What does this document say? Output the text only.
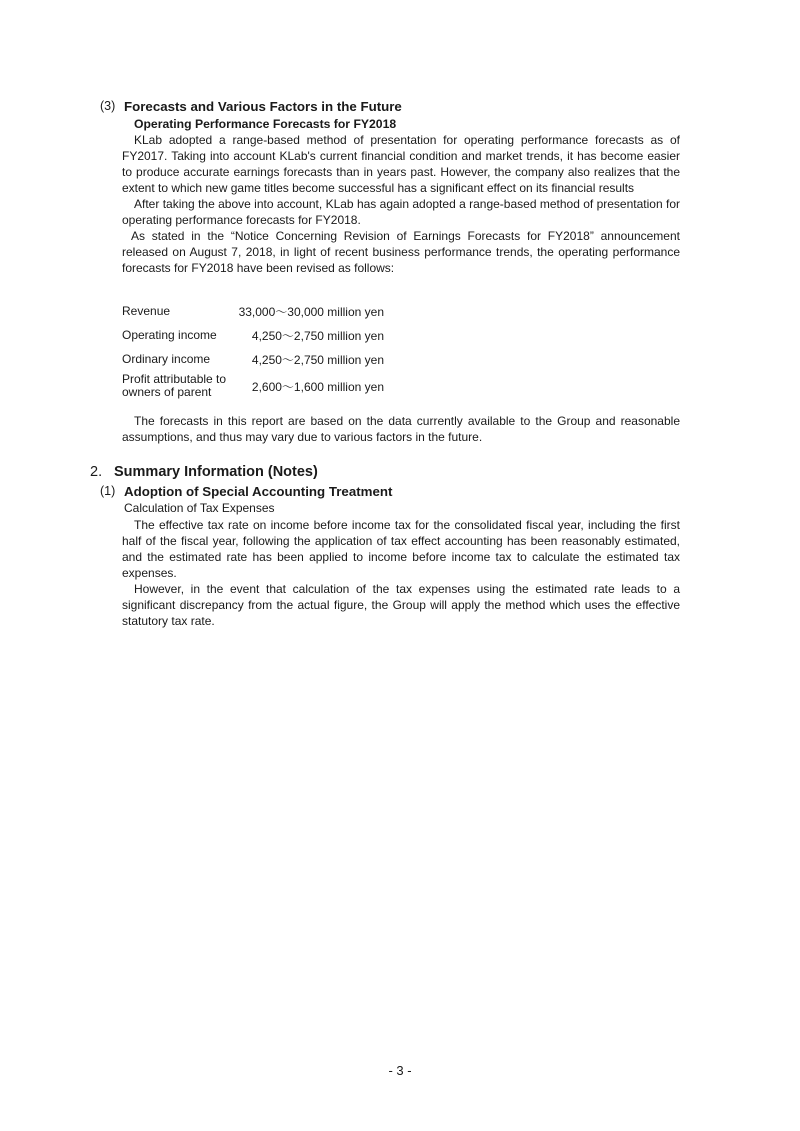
(3) Forecasts and Various Factors in the Future
Operating Performance Forecasts for FY2018
KLab adopted a range-based method of presentation for operating performance forecasts as of FY2017. Taking into account KLab's current financial condition and market trends, it has become easier to produce accurate earnings forecasts than in years past. However, the company also realizes that the extent to which new game titles become successful has a significant effect on its financial results
After taking the above into account, KLab has again adopted a range-based method of presentation for operating performance forecasts for FY2018.
As stated in the “Notice Concerning Revision of Earnings Forecasts for FY2018” announcement released on August 7, 2018, in light of recent business performance trends, the operating performance forecasts for FY2018 have been revised as follows:
Revenue	33,000～30,000 million yen
Operating income	4,250～2,750 million yen
Ordinary income	4,250～2,750 million yen

Profit attributable to
owners of parent	2,600～1,600 million yen
The forecasts in this report are based on the data currently available to the Group and reasonable assumptions, and thus may vary due to various factors in the future.
2. Summary Information (Notes)
(1) Adoption of Special Accounting Treatment
Calculation of Tax Expenses
The effective tax rate on income before income tax for the consolidated fiscal year, including the first half of the fiscal year, following the application of tax effect accounting has been reasonably estimated, and the estimated rate has been applied to income before income tax to calculate the estimated tax expenses.
However, in the event that calculation of the tax expenses using the estimated rate leads to a significant discrepancy from the actual figure, the Group will apply the method which uses the effective statutory tax rate.
- 3 -
